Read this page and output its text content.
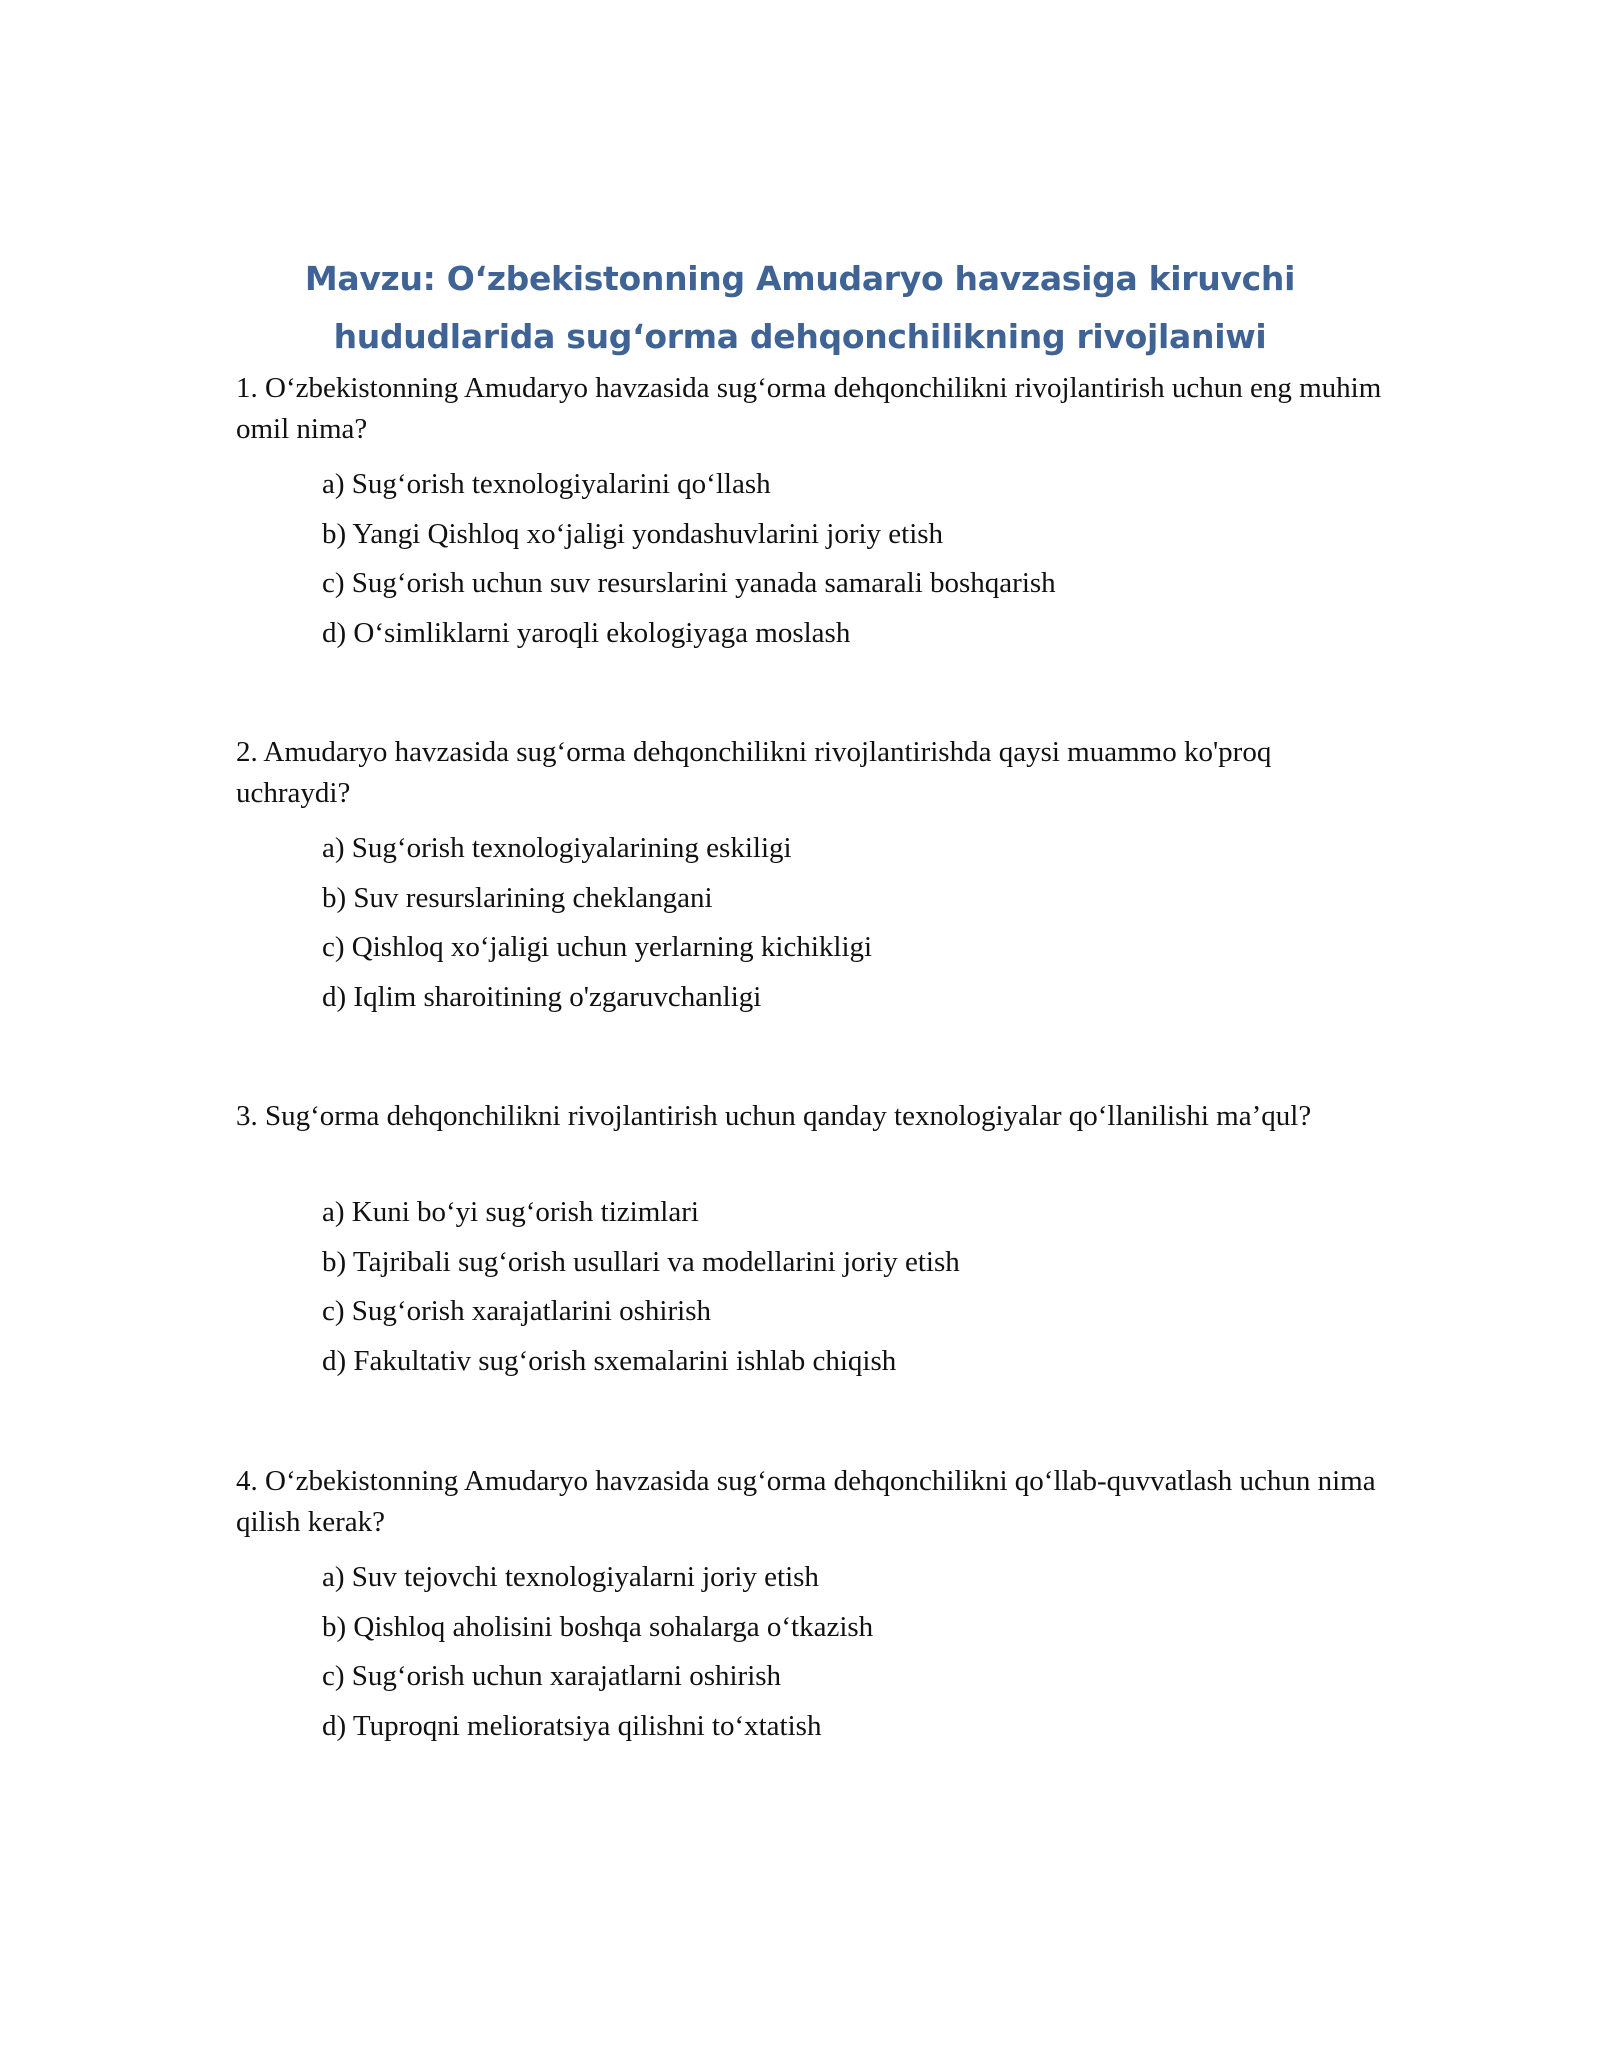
Mavzu: Oʻzbekistonning Amudaryo havzasiga kiruvchi
hududlarida sugʻorma dehqonchilikning rivojlaniwi

1. Oʻzbekistonning Amudaryo havzasida sugʻorma dehqonchilikni rivojlantirish uchun eng muhim omil nima?

a) Sugʻorish texnologiyalarini qoʻllash
b) Yangi Qishloq xoʻjaligi yondashuvlarini joriy etish
c) Sugʻorish uchun suv resurslarini yanada samarali boshqarish
d) Oʻsimliklarni yaroqli ekologiyaga moslash

2. Amudaryo havzasida sugʻorma dehqonchilikni rivojlantirishda qaysi muammo ko'proq uchraydi?

a) Sugʻorish texnologiyalarining eskiligi
b) Suv resurslarining cheklangani
c) Qishloq xoʻjaligi uchun yerlarning kichikligi
d) Iqlim sharoitining o'zgaruvchanligi

3. Sugʻorma dehqonchilikni rivojlantirish uchun qanday texnologiyalar qoʻllanilishi ma’qul?

a) Kuni boʻyi sugʻorish tizimlari
b) Tajribali sugʻorish usullari va modellarini joriy etish
c) Sugʻorish xarajatlarini oshirish
d) Fakultativ sugʻorish sxemalarini ishlab chiqish

4. Oʻzbekistonning Amudaryo havzasida sugʻorma dehqonchilikni qoʻllab-quvvatlash uchun nima qilish kerak?

a) Suv tejovchi texnologiyalarni joriy etish
b) Qishloq aholisini boshqa sohalarga oʻtkazish
c) Sugʻorish uchun xarajatlarni oshirish
d) Tuproqni melioratsiya qilishni toʻxtatish
